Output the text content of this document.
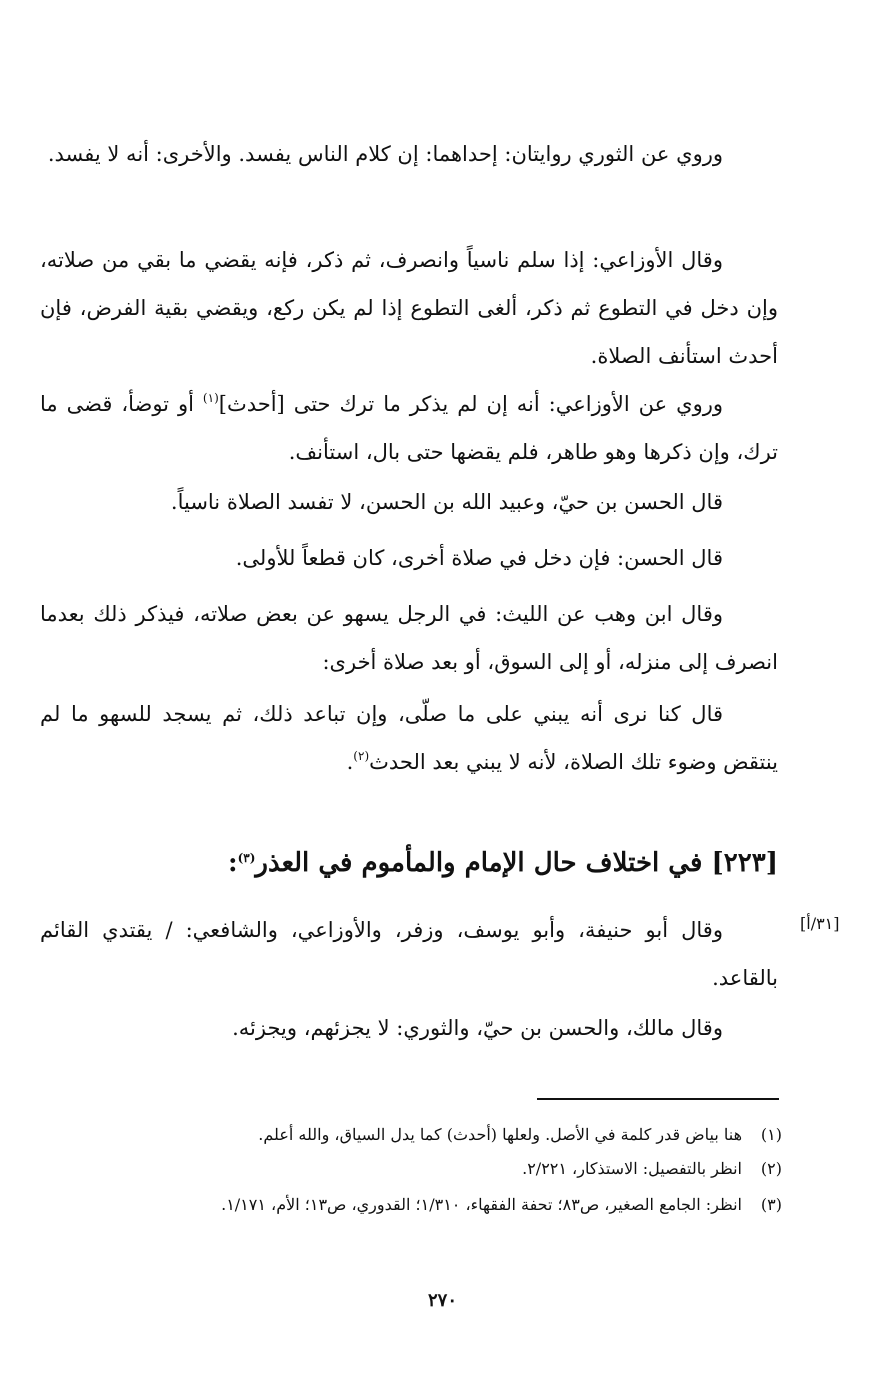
وروي عن الثوري روايتان: إحداهما: إن كلام الناس يفسد. والأخرى: أنه لا يفسد.

وقال الأوزاعي: إذا سلم ناسياً وانصرف، ثم ذكر، فإنه يقضي ما بقي من صلاته، وإن دخل في التطوع ثم ذكر، ألغى التطوع إذا لم يكن ركع، ويقضي بقية الفرض، فإن أحدث استأنف الصلاة.

وروي عن الأوزاعي: أنه إن لم يذكر ما ترك حتى [أحدث]$^{(١)}$ أو توضأ، قضى ما ترك، وإن ذكرها وهو طاهر، فلم يقضها حتى بال، استأنف.

قال الحسن بن حيّ، وعبيد الله بن الحسن، لا تفسد الصلاة ناسياً.

قال الحسن: فإن دخل في صلاة أخرى، كان قطعاً للأولى.

وقال ابن وهب عن الليث: في الرجل يسهو عن بعض صلاته، فيذكر ذلك بعدما انصرف إلى منزله، أو إلى السوق، أو بعد صلاة أخرى:

قال كنا نرى أنه يبني على ما صلّى، وإن تباعد ذلك، ثم يسجد للسهو ما لم ينتقض وضوء تلك الصلاة، لأنه لا يبني بعد الحدث$^{(٢)}$.

[٢٢٣] في اختلاف حال الإمام والمأموم في العذر$^{(٣)}$:
[٣١/أ]

وقال أبو حنيفة، وأبو يوسف، وزفر، والأوزاعي، والشافعي: / يقتدي القائم بالقاعد.

وقال مالك، والحسن بن حيّ، والثوري: لا يجزئهم، ويجزئه.

(١)
هنا بياض قدر كلمة في الأصل. ولعلها (أحدث) كما يدل السياق، والله أعلم.
(٢)
انظر بالتفصيل: الاستذكار، ٢/٢٢١.
(٣)
انظر: الجامع الصغير، ص٨٣؛ تحفة الفقهاء، ١/٣١٠؛ القدوري، ص١٣؛ الأم، ١/١٧١.
٢٧٠
